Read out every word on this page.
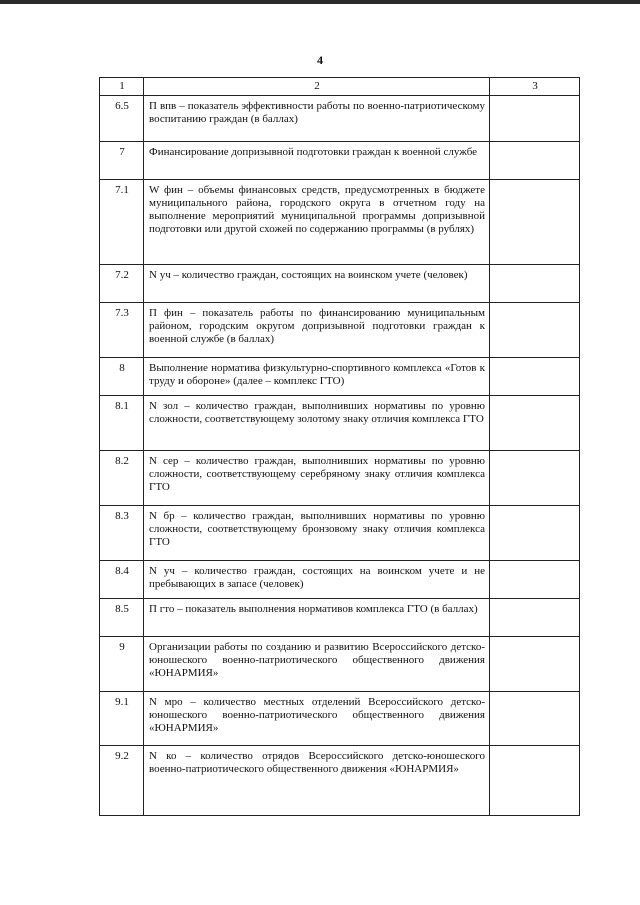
4
1	2	3
6.5	П впв – показатель эффективности работы по военно-патриотическому воспитанию граждан (в баллах)	
7	Финансирование допризывной подготовки граждан к военной службе	
7.1	W фин – объемы финансовых средств, предусмотренных в бюджете муниципального района, городского округа в отчетном году на выполнение мероприятий муниципальной программы допризывной подготовки или другой схожей по содержанию программы (в рублях)	
7.2	N уч – количество граждан, состоящих на воинском учете (человек)	
7.3	П фин – показатель работы по финансированию муниципальным районом, городским округом допризывной подготовки граждан к военной службе (в баллах)	
8	Выполнение норматива физкультурно-спортивного комплекса «Готов к труду и обороне» (далее – комплекс ГТО)	
8.1	N зол – количество граждан, выполнивших нормативы по уровню сложности, соответствующему золотому знаку отличия комплекса ГТО	
8.2	N сер – количество граждан, выполнивших нормативы по уровню сложности, соответствующему серебряному знаку отличия комплекса ГТО	
8.3	N бр – количество граждан, выполнивших нормативы по уровню сложности, соответствующему бронзовому знаку отличия комплекса ГТО	
8.4	N уч – количество граждан, состоящих на воинском учете и не пребывающих в запасе (человек)	
8.5	П гто – показатель выполнения нормативов комплекса ГТО (в баллах)	
9	Организации работы по созданию и развитию Всероссийского детско-юношеского военно-патриотического общественного движения «ЮНАРМИЯ»	
9.1	N мро – количество местных отделений Всероссийского детско-юношеского военно-патриотического общественного движения «ЮНАРМИЯ»	
9.2	N ко – количество отрядов Всероссийского детско-юношеского военно-патриотического общественного движения «ЮНАРМИЯ»	
